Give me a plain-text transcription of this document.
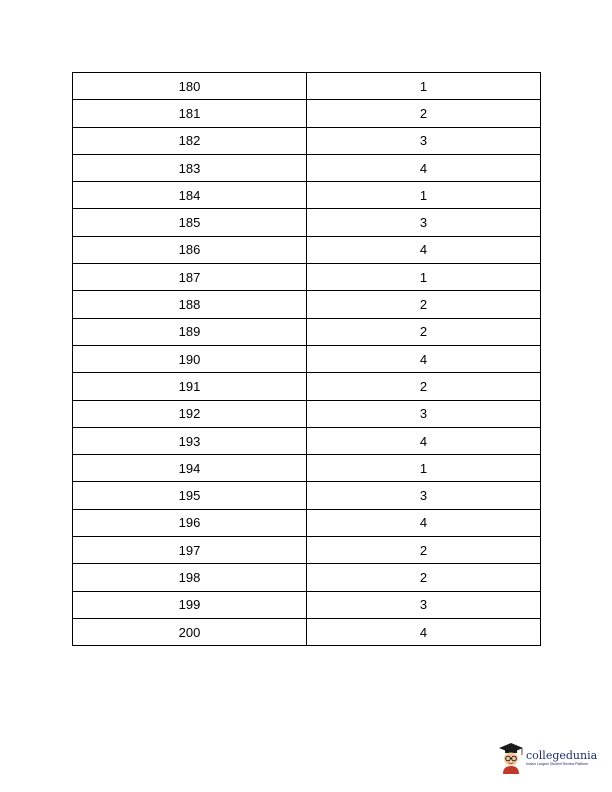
180	1
181	2
182	3
183	4
184	1
185	3
186	4
187	1
188	2
189	2
190	4
191	2
192	3
193	4
194	1
195	3
196	4
197	2
198	2
199	3
200	4
collegedunia
India's Largest Student Review Platform
